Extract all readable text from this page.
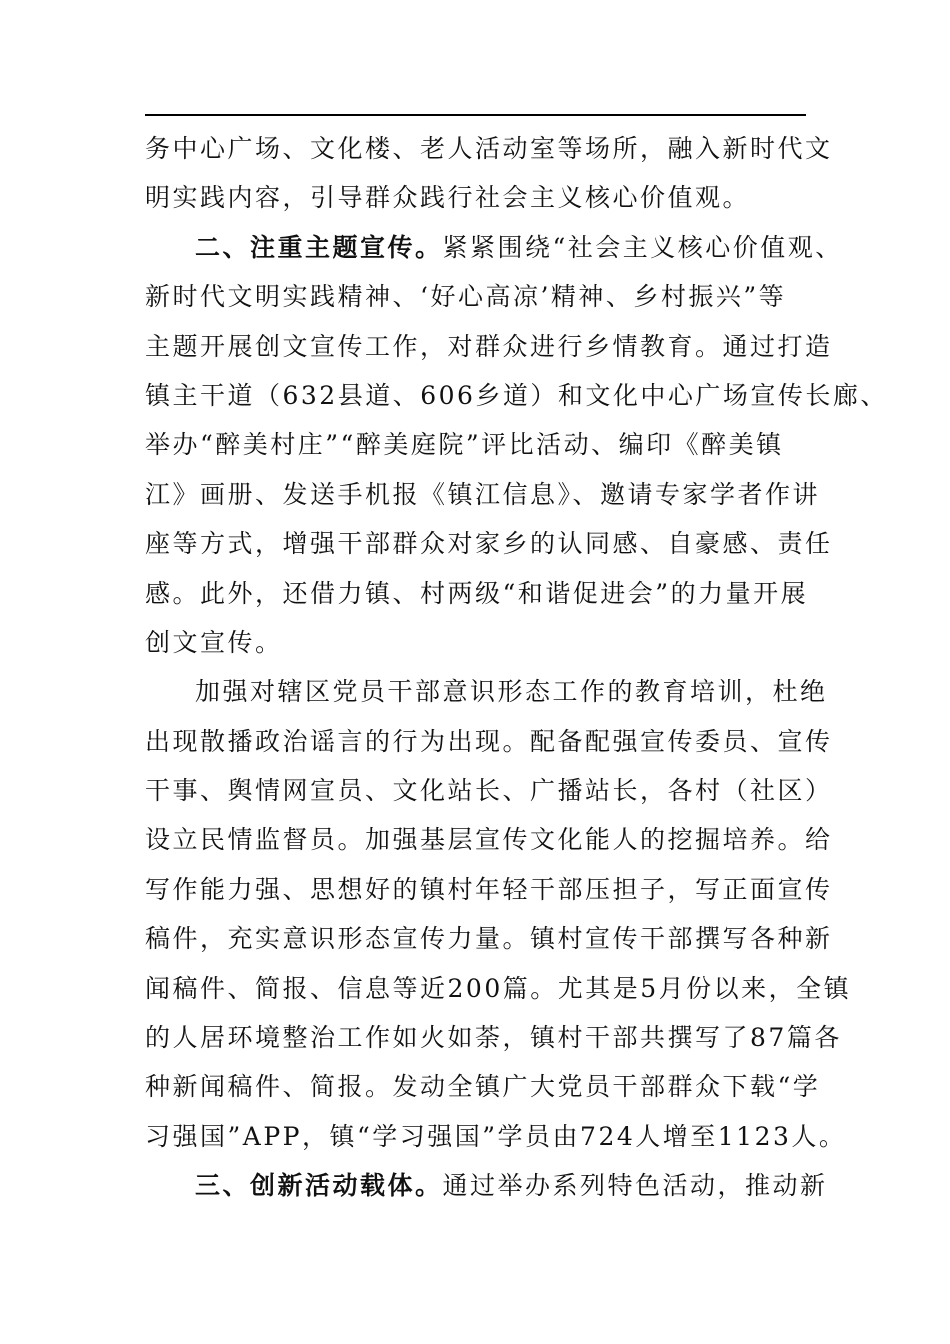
务中心广场、文化楼、老人活动室等场所，融入新时代文
明实践内容，引导群众践行社会主义核心价值观。
二、注重主题宣传。紧紧围绕“社会主义核心价值观、
新时代文明实践精神、‘好心高凉’精神、乡村振兴”等
主题开展创文宣传工作，对群众进行乡情教育。通过打造
镇主干道（632县道、606乡道）和文化中心广场宣传长廊、
举办“醉美村庄”“醉美庭院”评比活动、编印《醉美镇
江》画册、发送手机报《镇江信息》、邀请专家学者作讲
座等方式，增强干部群众对家乡的认同感、自豪感、责任
感。此外，还借力镇、村两级“和谐促进会”的力量开展
创文宣传。
加强对辖区党员干部意识形态工作的教育培训，杜绝
出现散播政治谣言的行为出现。配备配强宣传委员、宣传
干事、舆情网宣员、文化站长、广播站长，各村（社区）
设立民情监督员。加强基层宣传文化能人的挖掘培养。给
写作能力强、思想好的镇村年轻干部压担子，写正面宣传
稿件，充实意识形态宣传力量。镇村宣传干部撰写各种新
闻稿件、简报、信息等近200篇。尤其是5月份以来，全镇
的人居环境整治工作如火如荼，镇村干部共撰写了87篇各
种新闻稿件、简报。发动全镇广大党员干部群众下载“学
习强国”APP，镇“学习强国”学员由724人增至1123人。
三、创新活动载体。通过举办系列特色活动，推动新
